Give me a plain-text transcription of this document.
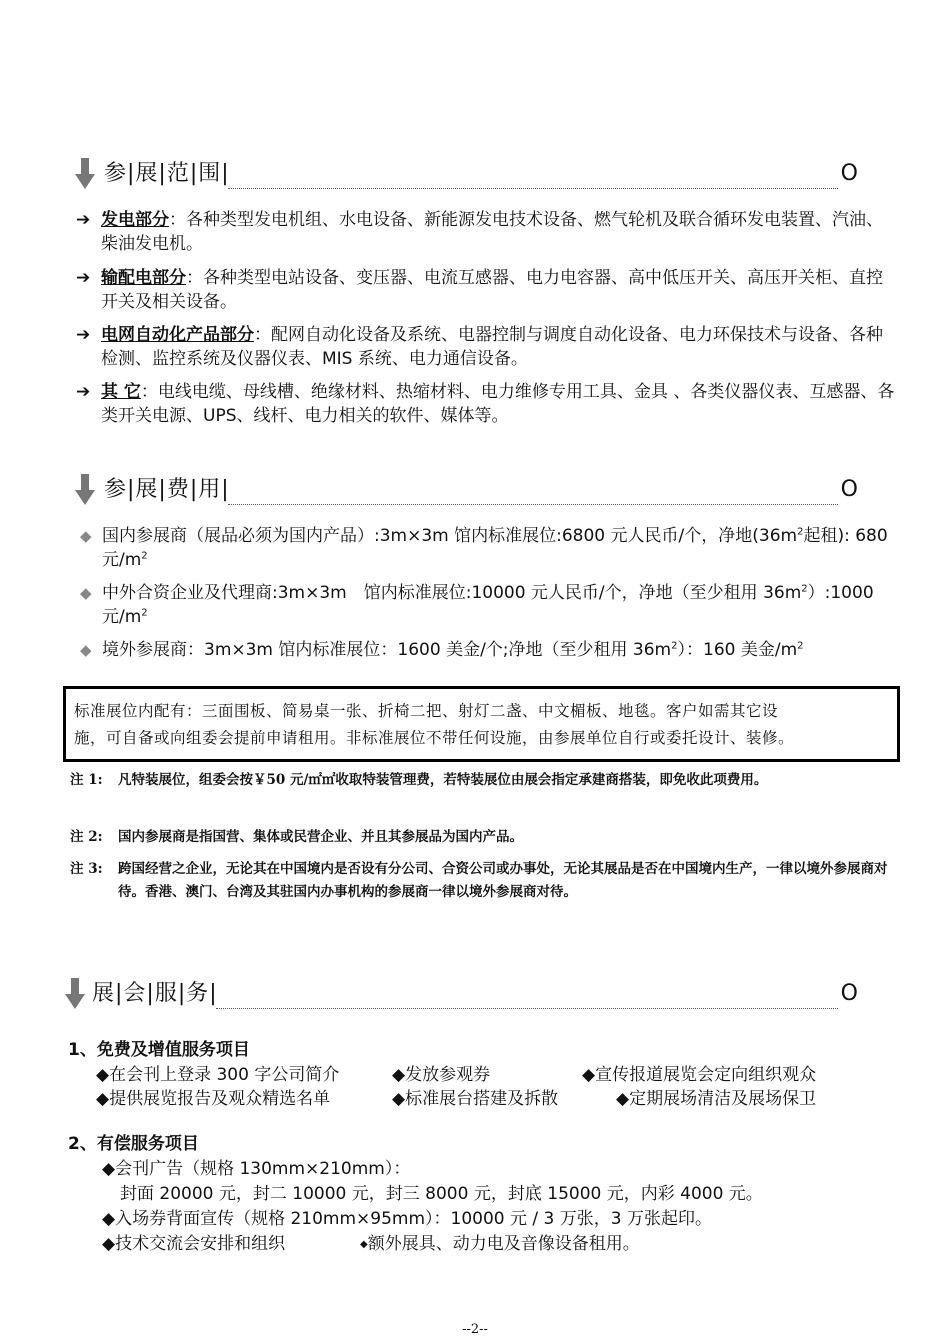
参|展|范|围|	O
➔ 发电部分：各种类型发电机组、水电设备、新能源发电技术设备、燃气轮机及联合循环发电装置、汽油、柴油发电机。
➔ 输配电部分：各种类型电站设备、变压器、电流互感器、电力电容器、高中低压开关、高压开关柜、直控开关及相关设备。
➔ 电网自动化产品部分：配网自动化设备及系统、电器控制与调度自动化设备、电力环保技术与设备、各种检测、监控系统及仪器仪表、MIS 系统、电力通信设备。
➔ 其 它：电线电缆、母线槽、绝缘材料、热缩材料、电力维修专用工具、金具 、各类仪器仪表、互感器、各类开关电源、UPS、线杆、电力相关的软件、媒体等。
参|展|费|用|	O
◆ 国内参展商（展品必须为国内产品）:3m×3m 馆内标准展位:6800 元人民币/个，净地($36m^2$起租): 680 元$/m^2$
◆ 中外合资企业及代理商:3m×3m　馆内标准展位:10000 元人民币/个，净地（至少租用 $36m^2):1000$ 元$/m^2$
◆ 境外参展商：3m×3m 馆内标准展位：1600 美金/个;净地（至少租用 $36m^2$）：160 美金$/m^2$
标准展位内配有：三面围板、简易桌一张、折椅二把、射灯二盏、中文楣板、地毯。客户如需其它设
施，可自备或向组委会提前申请租用。非标准展位不带任何设施，由参展单位自行或委托设计、装修。
注 1: 凡特装展位，组委会按￥50 元/㎡㎡收取特装管理费，若特装展位由展会指定承建商搭装，即免收此项费用。
注 2: 国内参展商是指国营、集体或民营企业、并且其参展品为国内产品。
注 3: 跨国经营之企业，无论其在中国境内是否设有分公司、合资公司或办事处，无论其展品是否在中国境内生产，一律以境外参展商对待。香港、澳门、台湾及其驻国内办事机构的参展商一律以境外参展商对待。
展|会|服|务|	O
1、免费及增值服务项目
◆在会刊上登录 300 字公司简介	◆发放参观券	◆宣传报道展览会定向组织观众
◆提供展览报告及观众精选名单	◆标准展台搭建及拆散	◆定期展场清洁及展场保卫
2、有偿服务项目
◆会刊广告（规格 130mm×210mm）：
封面 20000 元，封二 10000 元，封三 8000 元，封底 15000 元，内彩 4000 元。
◆入场券背面宣传（规格 210mm×95mm）：10000 元 / 3 万张，3 万张起印。
◆技术交流会安排和组织	◆额外展具、动力电及音像设备租用。
--2--
